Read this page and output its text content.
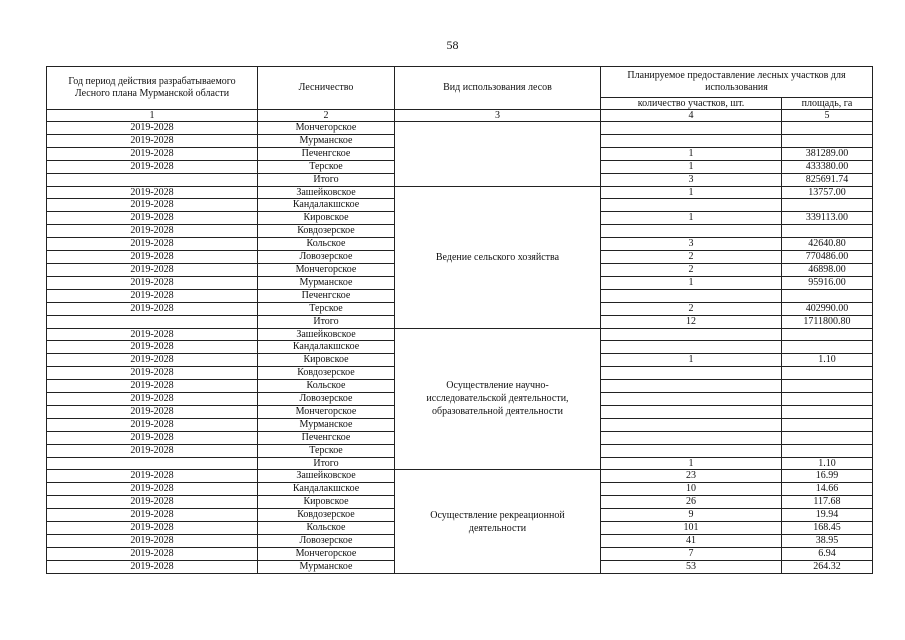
58
Год период действия разрабатываемого Лесного плана Мурманской области	Лесничество	Вид использования лесов	Планируемое предоставление лесных участков для использования	
			количество участков, шт.	площадь, га
1	2	3	4	5
2019-2028	Мончегорское			
2019-2028	Мурманское			
2019-2028	Печенгское		1	381289.00
2019-2028	Терское		1	433380.00
	Итого		3	825691.74
2019-2028	Зашейковское	Ведение сельского хозяйства	1	13757.00
2019-2028	Кандалакшское			
2019-2028	Кировское		1	339113.00
2019-2028	Ковдозерское			
2019-2028	Кольское		3	42640.80
2019-2028	Ловозерское		2	770486.00
2019-2028	Мончегорское		2	46898.00
2019-2028	Мурманское		1	95916.00
2019-2028	Печенгское			
2019-2028	Терское		2	402990.00
	Итого		12	1711800.80
2019-2028	Зашейковское	Осуществление научно-исследовательской деятельности, образовательной деятельности		
2019-2028	Кандалакшское			
2019-2028	Кировское		1	1.10
2019-2028	Ковдозерское			
2019-2028	Кольское			
2019-2028	Ловозерское			
2019-2028	Мончегорское			
2019-2028	Мурманское			
2019-2028	Печенгское			
2019-2028	Терское			
	Итого		1	1.10
2019-2028	Зашейковское	Осуществление рекреационной деятельности	23	16.99
2019-2028	Кандалакшское		10	14.66
2019-2028	Кировское		26	117.68
2019-2028	Ковдозерское		9	19.94
2019-2028	Кольское		101	168.45
2019-2028	Ловозерское		41	38.95
2019-2028	Мончегорское		7	6.94
2019-2028	Мурманское		53	264.32
